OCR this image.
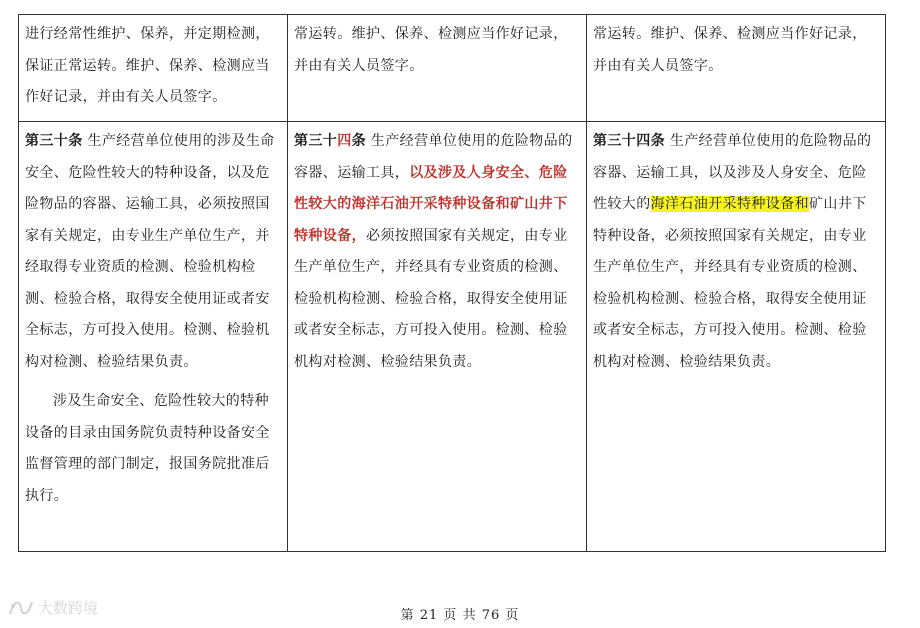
进行经常性维护、保养，并定期检测，保证正常运转。维护、保养、检测应当作好记录，并由有关人员签字。	常运转。维护、保养、检测应当作好记录，并由有关人员签字。	常运转。维护、保养、检测应当作好记录，并由有关人员签字。

第三十条 生产经营单位使用的涉及生命安全、危险性较大的特种设备，以及危险物品的容器、运输工具，必须按照国家有关规定，由专业生产单位生产，并经取得专业资质的检测、检验机构检测、检验合格，取得安全使用证或者安全标志，方可投入使用。检测、检验机构对检测、检验结果负责。

涉及生命安全、危险性较大的特种设备的目录由国务院负责特种设备安全监督管理的部门制定，报国务院批准后执行。	第三十四条 生产经营单位使用的危险物品的容器、运输工具，以及涉及人身安全、危险性较大的海洋石油开采特种设备和矿山井下特种设备，必须按照国家有关规定，由专业生产单位生产，并经具有专业资质的检测、检验机构检测、检验合格，取得安全使用证或者安全标志，方可投入使用。检测、检验机构对检测、检验结果负责。	第三十四条 生产经营单位使用的危险物品的容器、运输工具，以及涉及人身安全、危险性较大的海洋石油开采特种设备和矿山井下特种设备，必须按照国家有关规定，由专业生产单位生产，并经具有专业资质的检测、检验机构检测、检验合格，取得安全使用证或者安全标志，方可投入使用。检测、检验机构对检测、检验结果负责。

大数跨境	第 21 页 共 76 页
